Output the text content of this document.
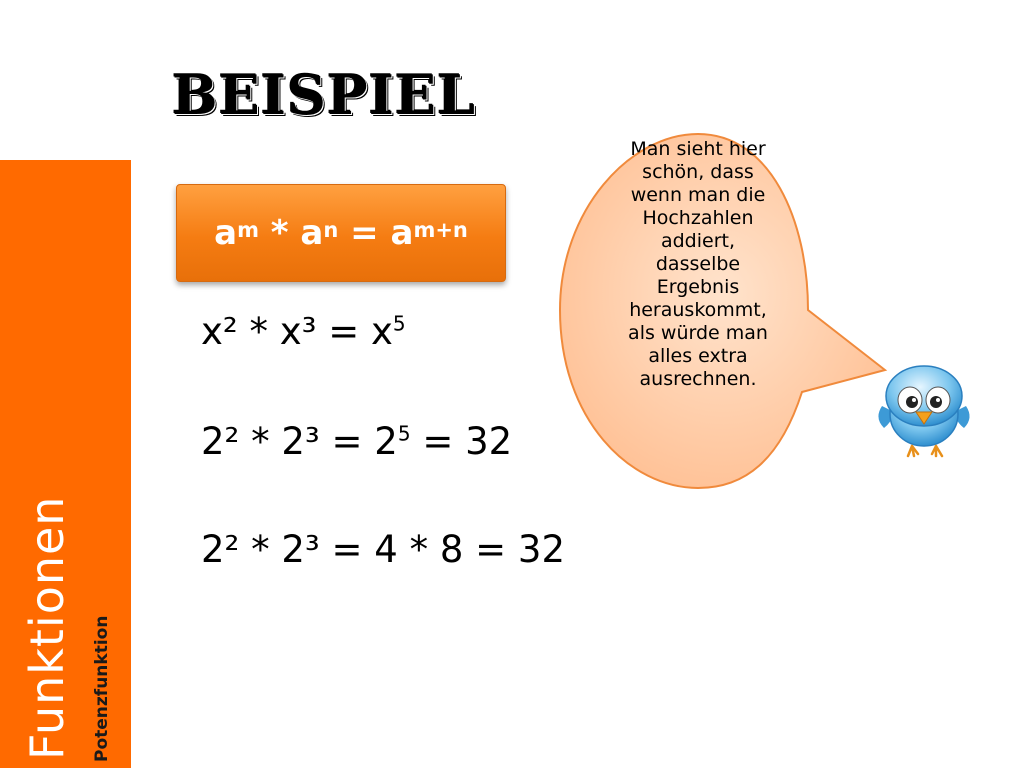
Funktionen Potenzfunktion
BEISPIEL
$a^m * a^n = a^{m+n}$
$x^2 * x^3 = x^5$
$2^2 * 2^3 = 2^5 = 32$
2² * 2³ = 4 * 8 = 32
Man sieht hier
schön, dass
wenn man die
Hochzahlen
addiert,
dasselbe
Ergebnis
herauskommt,
als würde man
alles extra
ausrechnen.
